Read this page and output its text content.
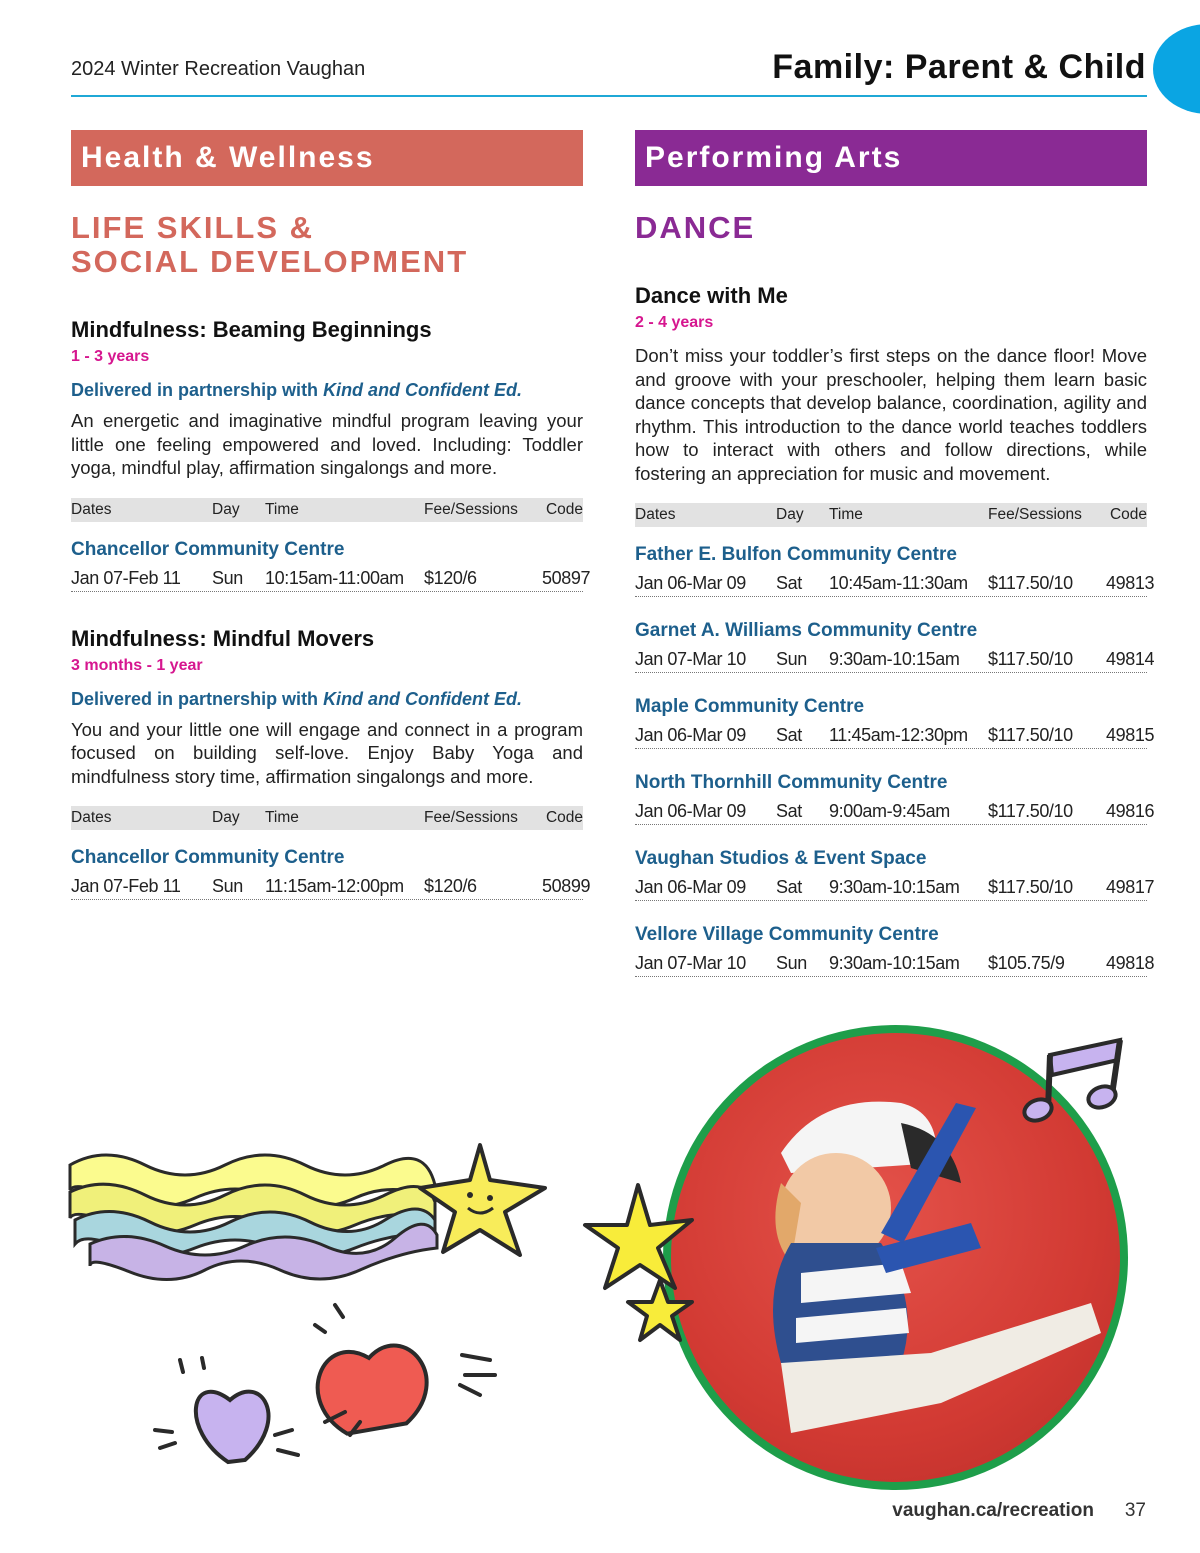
2024 Winter Recreation Vaughan	Family: Parent & Child
Health & Wellness
LIFE SKILLS &
SOCIAL DEVELOPMENT
Mindfulness: Beaming Beginnings
1 - 3 years
Delivered in partnership with Kind and Confident Ed.
An energetic and imaginative mindful program leaving your little one feeling empowered and loved. Including: Toddler yoga, mindful play, affirmation singalongs and more.
Dates	Day	Time	Fee/Sessions	Code
Chancellor Community Centre
Jan 07-Feb 11	Sun	10:15am-11:00am	$120/6	50897
Mindfulness: Mindful Movers
3 months - 1 year
Delivered in partnership with Kind and Confident Ed.
You and your little one will engage and connect in a program focused on building self-love. Enjoy Baby Yoga and mindfulness story time, affirmation singalongs and more.
Dates	Day	Time	Fee/Sessions	Code
Chancellor Community Centre
Jan 07-Feb 11	Sun	11:15am-12:00pm	$120/6	50899
Performing Arts
DANCE
Dance with Me
2 - 4 years
Don’t miss your toddler’s first steps on the dance floor! Move and groove with your preschooler, helping them learn basic dance concepts that develop balance, coordination, agility and rhythm. This introduction to the dance world teaches toddlers how to interact with others and follow directions, while fostering an appreciation for music and movement.
Dates	Day	Time	Fee/Sessions	Code
Father E. Bulfon Community Centre
Jan 06-Mar 09	Sat	10:45am-11:30am	$117.50/10	49813
Garnet A. Williams Community Centre
Jan 07-Mar 10	Sun	9:30am-10:15am	$117.50/10	49814
Maple Community Centre
Jan 06-Mar 09	Sat	11:45am-12:30pm	$117.50/10	49815
North Thornhill Community Centre
Jan 06-Mar 09	Sat	9:00am-9:45am	$117.50/10	49816
Vaughan Studios & Event Space
Jan 06-Mar 09	Sat	9:30am-10:15am	$117.50/10	49817
Vellore Village Community Centre
Jan 07-Mar 10	Sun	9:30am-10:15am	$105.75/9	49818
vaughan.ca/recreation 37
